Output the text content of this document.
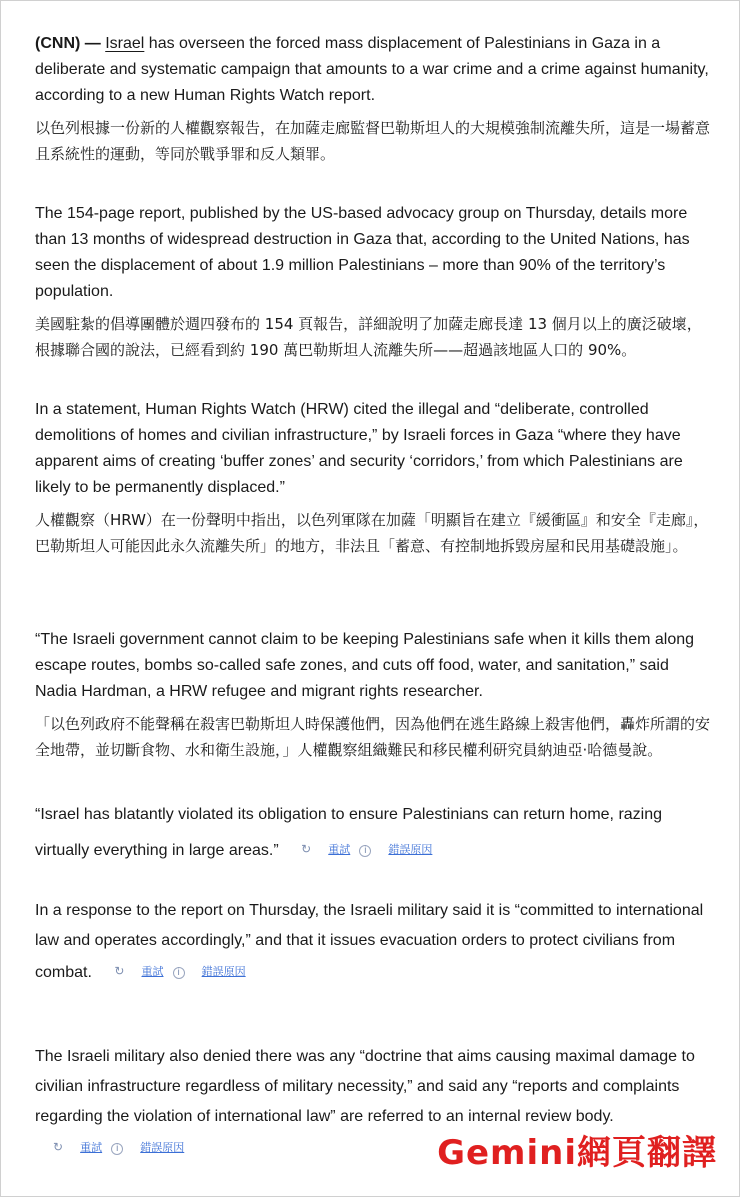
(CNN) — Israel has overseen the forced mass displacement of Palestinians in Gaza in a deliberate and systematic campaign that amounts to a war crime and a crime against humanity, according to a new Human Rights Watch report.

以色列根據一份新的人權觀察報告，在加薩走廊監督巴勒斯坦人的大規模強制流離失所，這是一場蓄意且系統性的運動，等同於戰爭罪和反人類罪。

The 154-page report, published by the US-based advocacy group on Thursday, details more than 13 months of widespread destruction in Gaza that, according to the United Nations, has seen the displacement of about 1.9 million Palestinians – more than 90% of the territory’s population.

美國駐紮的倡導團體於週四發布的 154 頁報告，詳細說明了加薩走廊長達 13 個月以上的廣泛破壞，根據聯合國的說法，已經看到約 190 萬巴勒斯坦人流離失所——超過該地區人口的 90%。

In a statement, Human Rights Watch (HRW) cited the illegal and “deliberate, controlled demolitions of homes and civilian infrastructure,” by Israeli forces in Gaza “where they have apparent aims of creating ‘buffer zones’ and security ‘corridors,’ from which Palestinians are likely to be permanently displaced.”

人權觀察（HRW）在一份聲明中指出，以色列軍隊在加薩「明顯旨在建立『緩衝區』和安全『走廊』，巴勒斯坦人可能因此永久流離失所」的地方，非法且「蓄意、有控制地拆毀房屋和民用基礎設施」。

“The Israeli government cannot claim to be keeping Palestinians safe when it kills them along escape routes, bombs so-called safe zones, and cuts off food, water, and sanitation,” said Nadia Hardman, a HRW refugee and migrant rights researcher.

「以色列政府不能聲稱在殺害巴勒斯坦人時保護他們，因為他們在逃生路線上殺害他們，轟炸所謂的安全地帶，並切斷食物、水和衛生設施，」人權觀察組織難民和移民權利研究員納迪亞·哈德曼說。

“Israel has blatantly violated its obligation to ensure Palestinians can return home, razing virtually everything in large areas.” ↻ 重試 i 錯誤原因

In a response to the report on Thursday, the Israeli military said it is “committed to international law and operates accordingly,” and that it issues evacuation orders to protect civilians from combat. ↻ 重試 i 錯誤原因

The Israeli military also denied there was any “doctrine that aims causing maximal damage to civilian infrastructure regardless of military necessity,” and said any “reports and complaints regarding the violation of international law” are referred to an internal review body. ↻ 重試 i 錯誤原因	Gemini網頁翻譯
